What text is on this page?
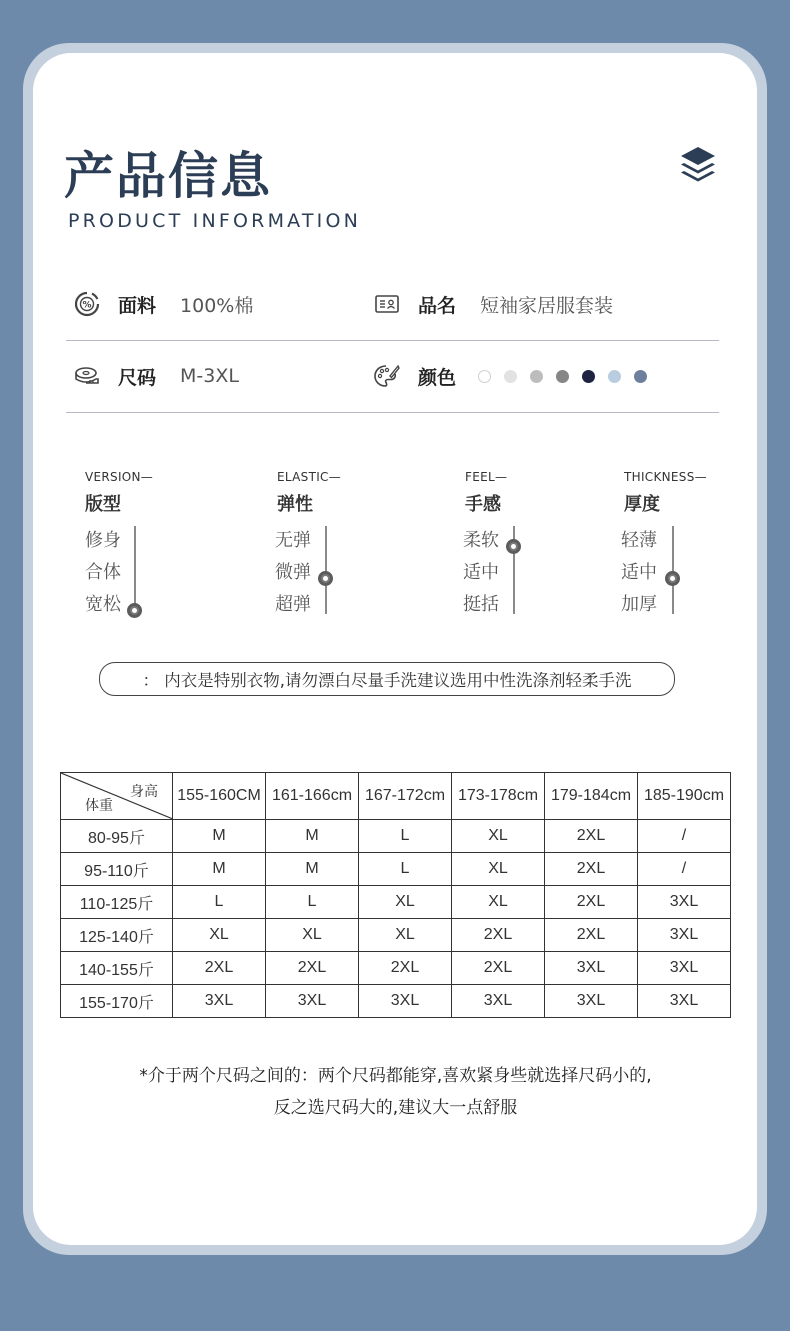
产品信息
PRODUCT INFORMATION
% 面料 100%棉	品名 短袖家居服套装
尺码 M-3XL	颜色
VERSION—
版型
修身
合体
宽松
ELASTIC—
弹性
无弹
微弹
超弹
FEEL—
手感
柔软
适中
挺括
THICKNESS—
厚度
轻薄
适中
加厚
： 内衣是特别衣物,请勿漂白尽量手洗建议选用中性洗涤剂轻柔手洗
身高
体重	155-160CM	161-166cm	167-172cm	173-178cm	179-184cm	185-190cm
80-95斤	M	M	L	XL	2XL	/
95-110斤	M	M	L	XL	2XL	/
110-125斤	L	L	XL	XL	2XL	3XL
125-140斤	XL	XL	XL	2XL	2XL	3XL
140-155斤	2XL	2XL	2XL	2XL	3XL	3XL
155-170斤	3XL	3XL	3XL	3XL	3XL	3XL
*介于两个尺码之间的：两个尺码都能穿,喜欢紧身些就选择尺码小的,
反之选尺码大的,建议大一点舒服
